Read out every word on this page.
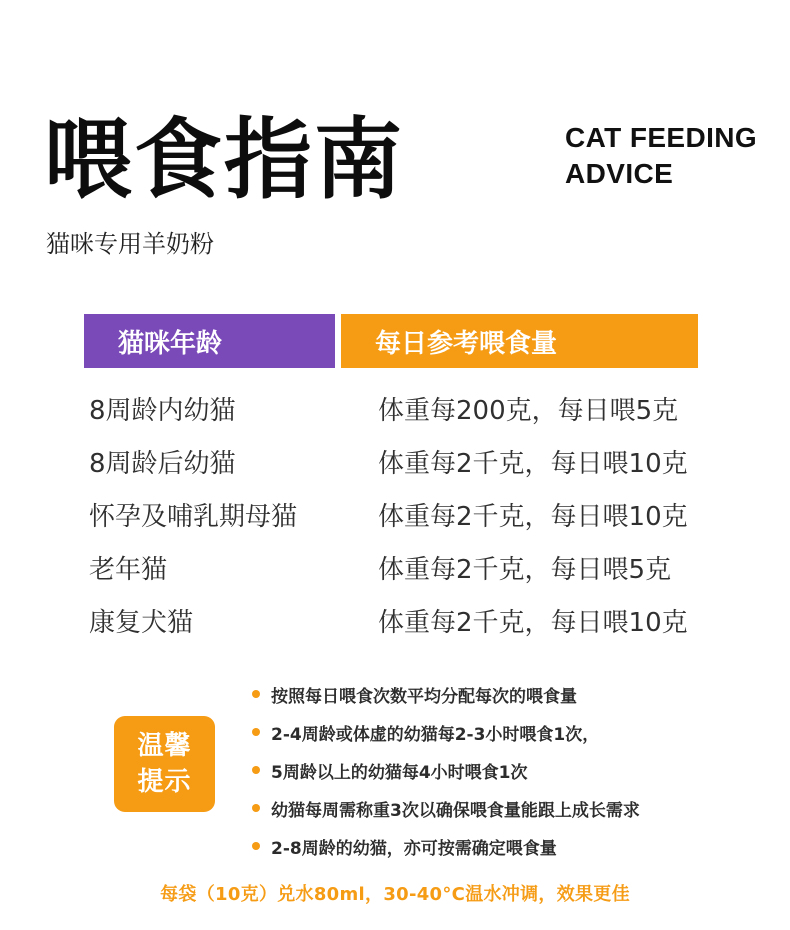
喂食指南
猫咪专用羊奶粉
CAT FEEDING
ADVICE
猫咪年龄	每日参考喂食量
8周龄内幼猫	体重每200克，每日喂5克
8周龄后幼猫	体重每2千克，每日喂10克
怀孕及哺乳期母猫	体重每2千克，每日喂10克
老年猫	体重每2千克，每日喂5克
康复犬猫	体重每2千克，每日喂10克
温馨提示
按照每日喂食次数平均分配每次的喂食量
2-4周龄或体虚的幼猫每2-3小时喂食1次，
5周龄以上的幼猫每4小时喂食1次
幼猫每周需称重3次以确保喂食量能跟上成长需求
2-8周龄的幼猫，亦可按需确定喂食量
每袋（10克）兑水80ml，30-40°C温水冲调，效果更佳
